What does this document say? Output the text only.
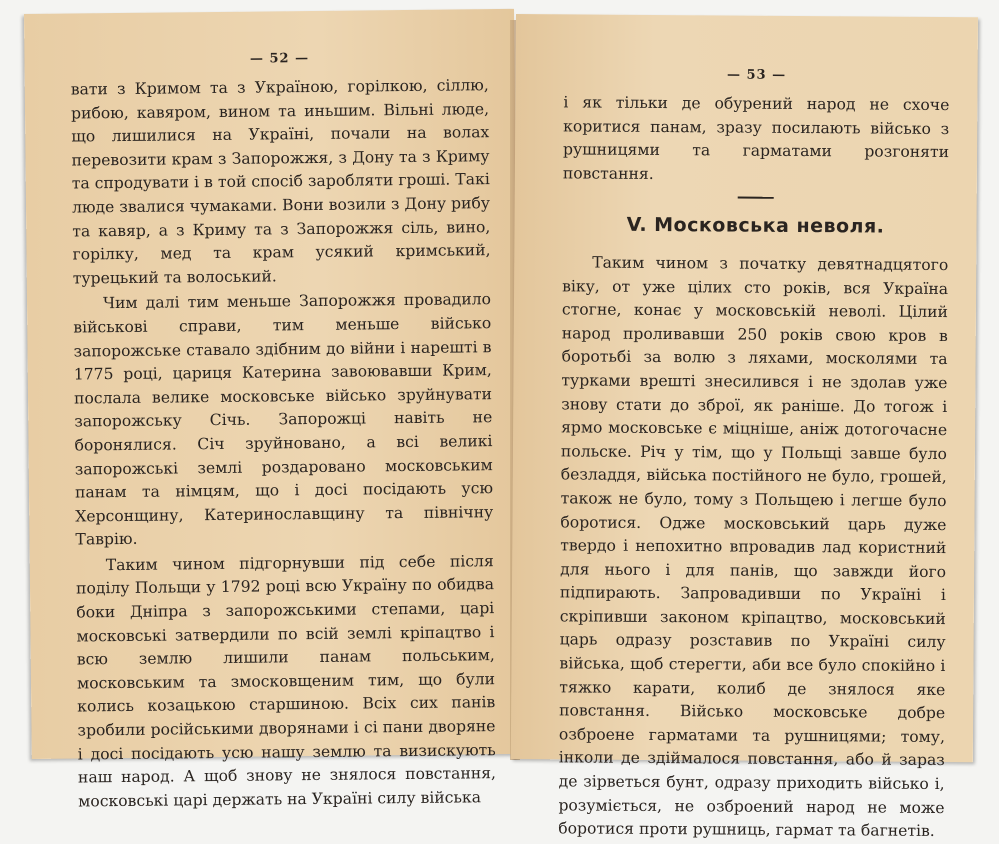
— 52 —

вати з Кримом та з Україною, горілкою, сіллю, рибою, кавяром, вином та иньшим. Вільні люде, що лишилися на Україні, почали на волах перевозити крам з Запорожжя, з Дону та з Криму та спродувати і в той спосіб заробляти гроші. Такі люде звалися чумаками. Вони возили з Дону рибу та кавяр, а з Криму та з Запорожжя сіль, вино, горілку, мед та крам усякий кримський, турецький та волоський.

Чим далі тим меньше Запорожжя провадило військові справи, тим меньше військо запорожське ставало здібним до війни і нарешті в 1775 році, цариця Катерина завоювавши Крим, послала велике московське військо зруйнувати запорожську Січь. Запорожці навіть не боронялися. Січ зруйновано, а всі великі запорожські землі роздаровано московським панам та німцям, що і досі посідають усю Херсонщину, Катеринославщину та північну Таврію.

Таким чином підгорнувши під себе після поділу Польщи у 1792 році всю Україну по обидва боки Дніпра з запорожськими степами, царі московські затвердили по всій землі кріпацтво і всю землю лишили панам польським, московським та змосковщеним тим, що були колись козацькою старшиною. Всіх сих панів зробили російськими дворянами і сі пани дворяне і досі посідають усю нашу землю та визискують наш народ. А щоб знову не знялося повстання, московські царі держать на Україні силу війська

— 53 —

і як тільки де обурений народ не схоче коритися панам, зразу посилають військо з рушницями та гарматами розгоняти повстання.

V. Московська неволя.

Таким чином з початку девятнадцятого віку, от уже цілих сто років, вся Україна стогне, конає у московській неволі. Цілий народ проливавши 250 років свою кров в боротьбі за волю з ляхами, москолями та турками врешті знесилився і не здолав уже знову стати до зброї, як раніше. До тогож і ярмо московське є міцніше, аніж дотогочасне польске. Річ у тім, що у Польщі завше було безладдя, війська постійного не було, грошей, також не було, тому з Польщею і легше було боротися. Одже московський царь дуже твердо і непохитно впровадив лад користний для нього і для панів, що завжди його підпирають. Запровадивши по Україні і скріпивши законом кріпацтво, московський царь одразу розставив по Україні силу війська, щоб стерегти, аби все було спокійно і тяжко карати, колиб де знялося яке повстання. Військо московське добре озброене гарматами та рушницями; тому, інколи де здіймалося повстання, або й зараз де зірветься бунт, одразу приходить військо і, розуміється, не озброений народ не може боротися проти рушниць, гармат та багнетів.
